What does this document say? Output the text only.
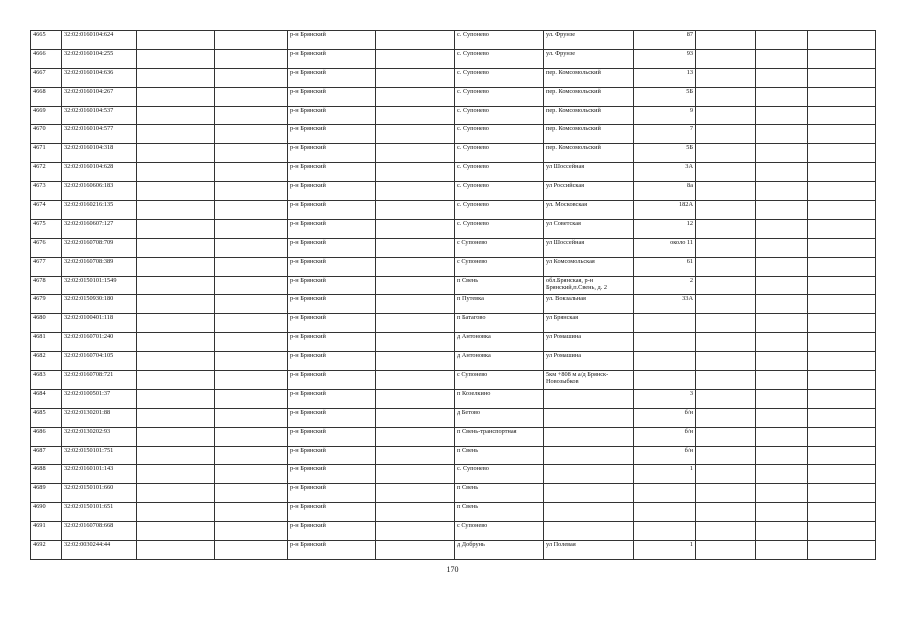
4665	32:02:0160104:624			р-н Брянский		с. Супонево	ул. Фрунзе	87			
4666	32:02:0160104:255			р-н Брянский		с. Супонево	ул. Фрунзе	93			
4667	32:02:0160104:636			р-н Брянский		с. Супонево	пер. Комсомольский	13			
4668	32:02:0160104:267			р-н Брянский		с. Супонево	пер. Комсомольский	5Б			
4669	32:02:0160104:537			р-н Брянский		с. Супонево	пер. Комсомольский	9			
4670	32:02:0160104:577			р-н Брянский		с. Супонево	пер. Комсомольский	7			
4671	32:02:0160104:318			р-н Брянский		с. Супонево	пер. Комсомольский	5Б			
4672	32:02:0160104:628			р-н Брянский		с. Супонево	ул Шоссейная	3А			
4673	32:02:0160606:183			р-н Брянский		с. Супонево	ул Российская	8а			
4674	32:02:0160216:135			р-н Брянский		с. Супонево	ул. Московская	182А			
4675	32:02:0160607:127			р-н Брянский		с. Супонево	ул Советская	12			
4676	32:02:0160708:709			р-н Брянский		с Супонево	ул Шоссейная	около 11			
4677	32:02:0160708:389			р-н Брянский		с Супонево	ул Комсомольская	61			
4678	32:02:0150101:1549			р-н Брянский		п Свень	обл.Брянская, р-н Брянский,п.Свень, д. 2	2			
4679	32:02:0150930:180			р-н Брянский		п Путевка	ул. Вокзальная	33А			
4680	32:02:0100401:118			р-н Брянский		п Батагово	ул Брянская				
4681	32:02:0160701:240			р-н Брянский		д Антоновка	ул Ромашина				
4682	32:02:0160704:105			р-н Брянский		д Антоновка	ул Ромашина				
4683	32:02:0160708:721			р-н Брянский		с Супонево	5км +808 м а/д Брянск-Новозыбков				
4684	32:02:0100501:37			р-н Брянский		п Козелкино		3			
4685	32:02:0130201:88			р-н Брянский		д Бетово		б/н			
4686	32:02:0130202:93			р-н Брянский		п Свень-транспортная		б/н			
4687	32:02:0150101:751			р-н Брянский		п Свень		б/н			
4688	32:02:0160101:143			р-н Брянский		с. Супонево		1			
4689	32:02:0150101:660			р-н Брянский		п Свень					
4690	32:02:0150101:651			р-н Брянский		п Свень					
4691	32:02:0160708:668			р-н Брянский		с Супонево					
4692	32:02:0030244:44			р-н Брянский		д Добрунь	ул Полевая	1			
170
